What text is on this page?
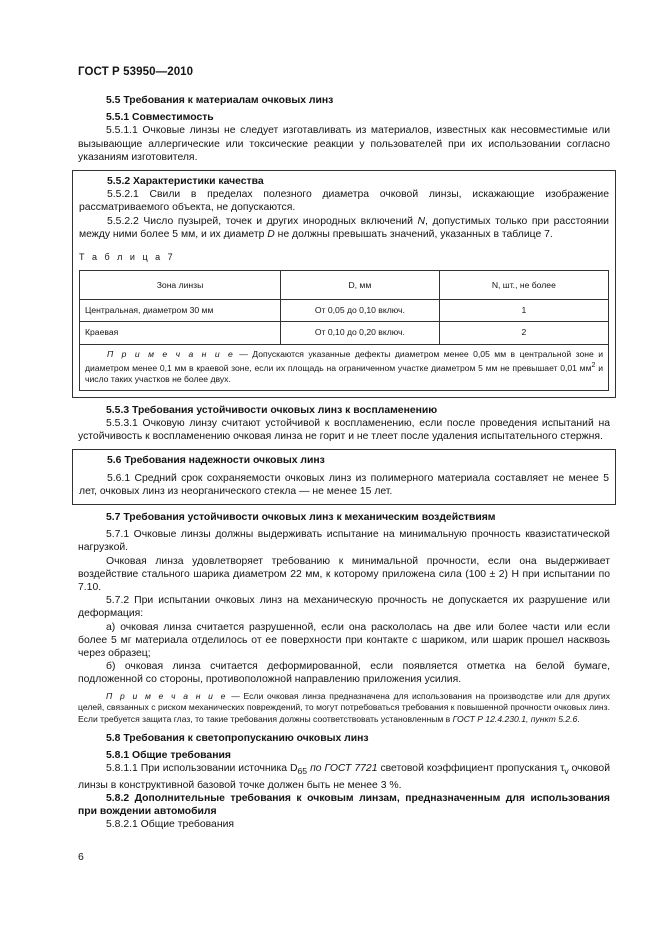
ГОСТ Р 53950—2010

5.5 Требования к материалам очковых линз

5.5.1 Совместимость

5.5.1.1 Очковые линзы не следует изготавливать из материалов, известных как несовместимые или вызывающие аллергические или токсические реакции у пользователей при их использовании согласно указаниям изготовителя.

5.5.2 Характеристики качества

5.5.2.1 Свили в пределах полезного диаметра очковой линзы, искажающие изображение рассматриваемого объекта, не допускаются.

5.5.2.2 Число пузырей, точек и других инородных включений N, допустимых только при расстоянии между ними более 5 мм, и их диаметр D не должны превышать значений, указанных в таблице 7.

Т а б л и ц а 7
Зона линзы	D, мм	N, шт., не более
Центральная, диаметром 30 мм	От 0,05 до 0,10 включ.	1
Краевая	От 0,10 до 0,20 включ.	2
П р и м е ч а н и е — Допускаются указанные дефекты диаметром менее 0,05 мм в центральной зоне и диаметром менее 0,1 мм в краевой зоне, если их площадь на ограниченном участке диаметром 5 мм не превышает 0,01 $мм^2$ и число таких участков не более двух.		

5.5.3 Требования устойчивости очковых линз к воспламенению

5.5.3.1 Очковую линзу считают устойчивой к воспламенению, если после проведения испытаний на устойчивость к воспламенению очковая линза не горит и не тлеет после удаления испытательного стержня.

5.6 Требования надежности очковых линз

5.6.1 Средний срок сохраняемости очковых линз из полимерного материала составляет не менее 5 лет, очковых линз из неорганического стекла — не менее 15 лет.

5.7 Требования устойчивости очковых линз к механическим воздействиям

5.7.1 Очковые линзы должны выдерживать испытание на минимальную прочность квазистатической нагрузкой.

Очковая линза удовлетворяет требованию к минимальной прочности, если она выдерживает воздействие стального шарика диаметром 22 мм, к которому приложена сила (100 ± 2) Н при испытании по 7.10.

5.7.2 При испытании очковых линз на механическую прочность не допускается их разрушение или деформация:

а) очковая линза считается разрушенной, если она раскололась на две или более части или если более 5 мг материала отделилось от ее поверхности при контакте с шариком, или шарик прошел насквозь через образец;

б) очковая линза считается деформированной, если появляется отметка на белой бумаге, подложенной со стороны, противоположной направлению приложения усилия.

П р и м е ч а н и е — Если очковая линза предназначена для использования на производстве или для других целей, связанных с риском механических повреждений, то могут потребоваться требования к повышенной прочности очковых линз. Если требуется защита глаз, то такие требования должны соответствовать установленным в ГОСТ Р 12.4.230.1, пункт 5.2.6.

5.8 Требования к светопропусканию очковых линз

5.8.1 Общие требования

5.8.1.1 При использовании источника $D_{65}$ по ГОСТ 7721 световой коэффициент пропускания $\tau_v$ очковой линзы в конструктивной базовой точке должен быть не менее 3 %.

5.8.2 Дополнительные требования к очковым линзам, предназначенным для использования при вождении автомобиля

5.8.2.1 Общие требования

6
